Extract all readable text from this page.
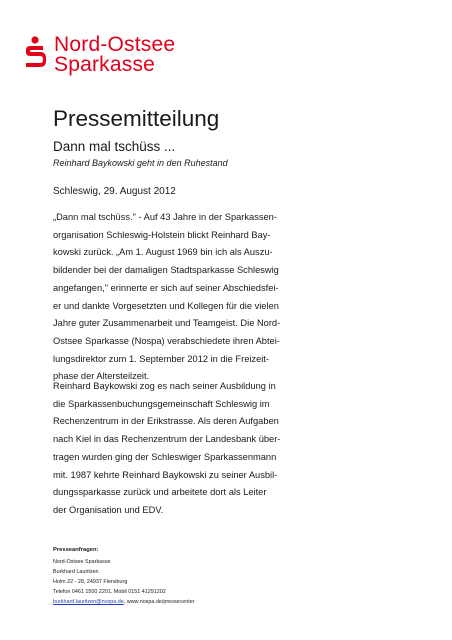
Nord-Ostsee
Sparkasse
Pressemitteilung
Dann mal tschüss ...
Reinhard Baykowski geht in den Ruhestand
Schleswig, 29. August 2012
„Dann mal tschüss." - Auf 43 Jahre in der Sparkassen-
organisation Schleswig-Holstein blickt Reinhard Bay-
kowski zurück. „Am 1. August 1969 bin ich als Auszu-
bildender bei der damaligen Stadtsparkasse Schleswig
angefangen," erinnerte er sich auf seiner Abschiedsfei-
er und dankte Vorgesetzten und Kollegen für die vielen
Jahre guter Zusammenarbeit und Teamgeist. Die Nord-
Ostsee Sparkasse (Nospa) verabschiedete ihren Abtei-
lungsdirektor zum 1. September 2012 in die Freizeit-
phase der Altersteilzeit.
Reinhard Baykowski zog es nach seiner Ausbildung in
die Sparkassenbuchungsgemeinschaft Schleswig im
Rechenzentrum in der Erikstrasse. Als deren Aufgaben
nach Kiel in das Rechenzentrum der Landesbank über-
tragen wurden ging der Schleswiger Sparkassenmann
mit. 1987 kehrte Reinhard Baykowski zu seiner Ausbil-
dungssparkasse zurück und arbeitete dort als Leiter
der Organisation und EDV.
Presseanfragen:
Nord-Ostsee Sparkasse
Burkhard Lauritzen
Holm 22 - 28, 24937 Flensburg
Telefon 0461 1500 2201, Mobil 0151 41291202
burkhard.lauritzen@nospa.de, www.nospa.de/pressecenter
